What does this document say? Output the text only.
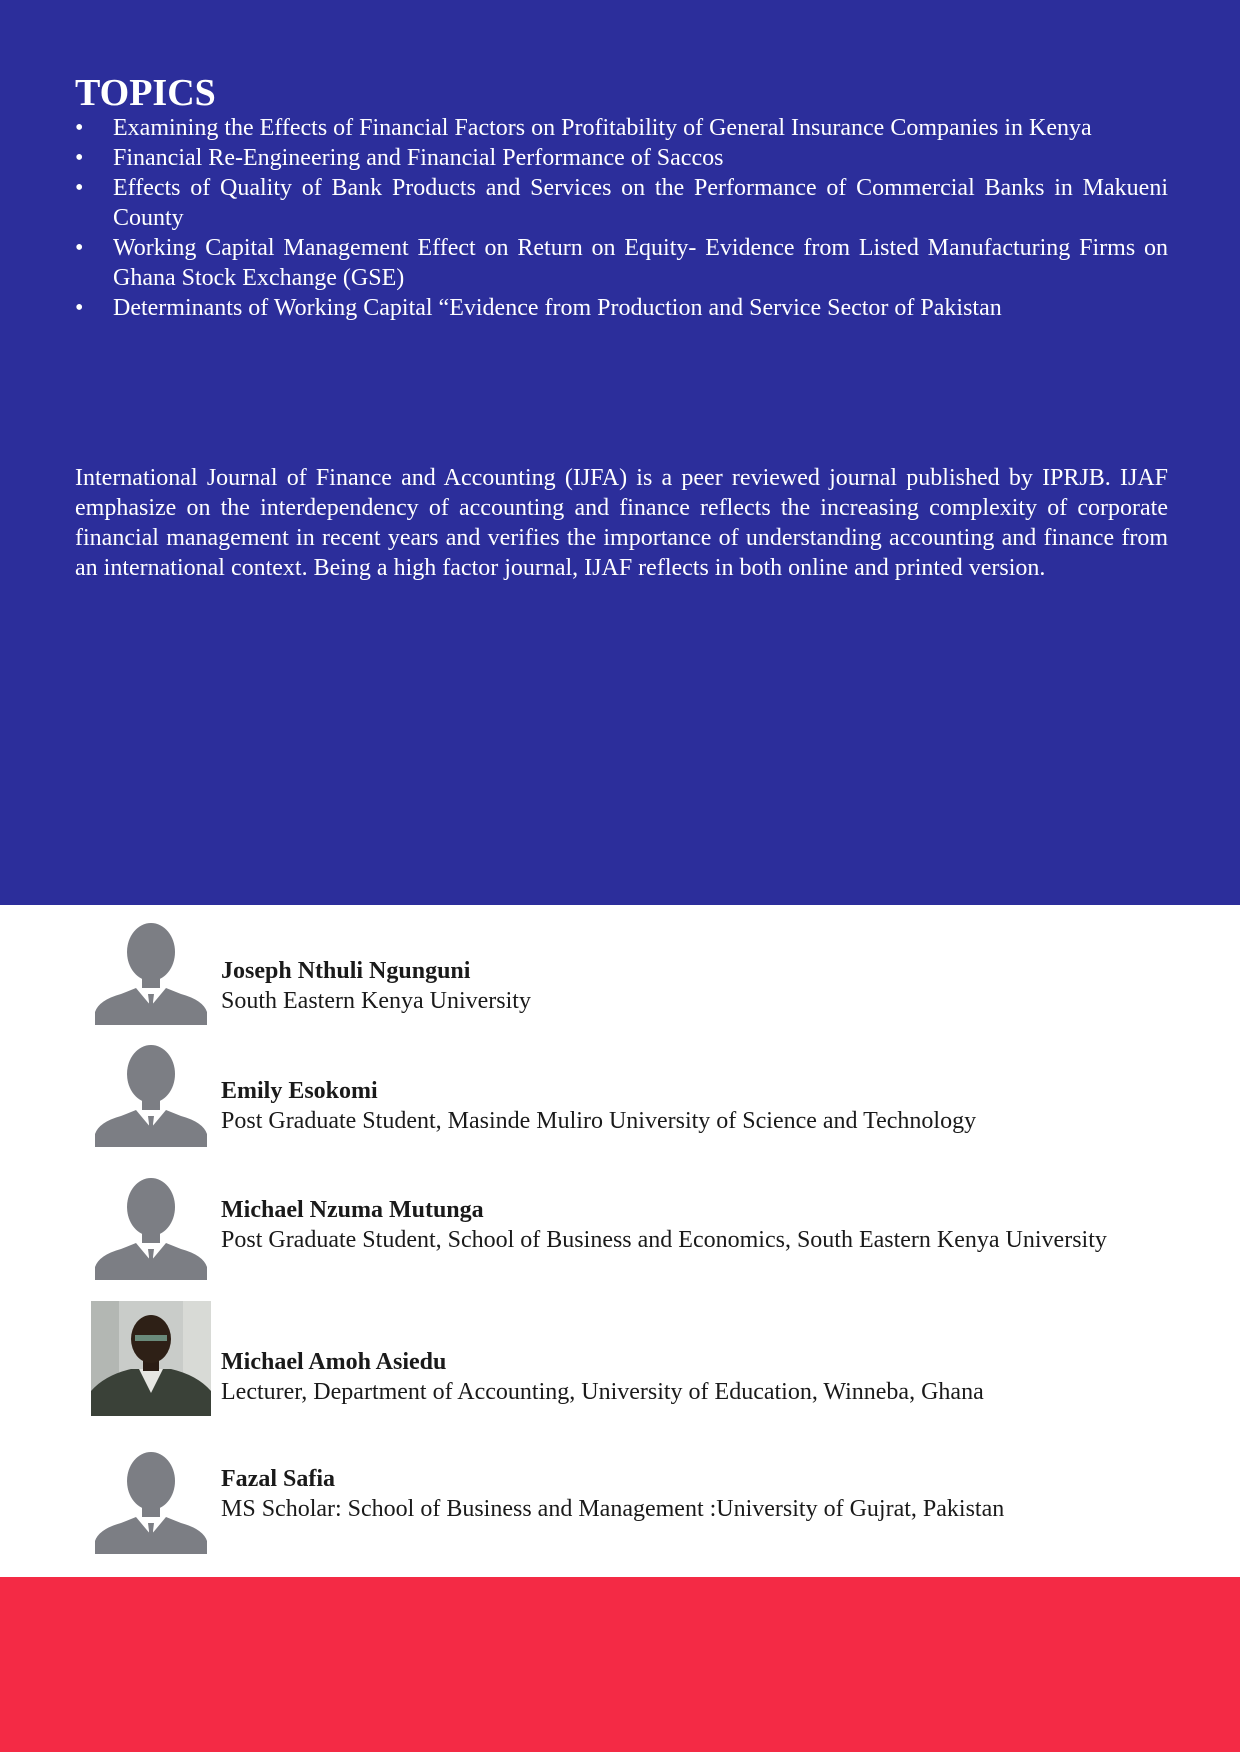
TOPICS
• Examining the Effects of Financial Factors on Profitability of General Insurance Companies in Kenya
• Financial Re-Engineering and Financial Performance of Saccos
• Effects of Quality of Bank Products and Services on the Performance of Commercial Banks in Makueni County
• Working Capital Management Effect on Return on Equity- Evidence from Listed Manufacturing Firms on Ghana Stock Exchange (GSE)
• Determinants of Working Capital “Evidence from Production and Service Sector of Pakistan

International Journal of Finance and Accounting (IJFA) is a peer reviewed journal published by IPRJB. IJAF emphasize on the interdependency of accounting and finance reflects the increasing complexity of corporate financial management in recent years and verifies the importance of understanding accounting and finance from an international context. Being a high factor journal, IJAF reflects in both online and printed version.

Joseph Nthuli Ngunguni
South Eastern Kenya University
Emily Esokomi
Post Graduate Student, Masinde Muliro University of Science and Technology
Michael Nzuma Mutunga
Post Graduate Student, School of Business and Economics, South Eastern Kenya University
Michael Amoh Asiedu
Lecturer, Department of Accounting, University of Education, Winneba, Ghana
Fazal Safia
MS Scholar: School of Business and Management :University of Gujrat, Pakistan
